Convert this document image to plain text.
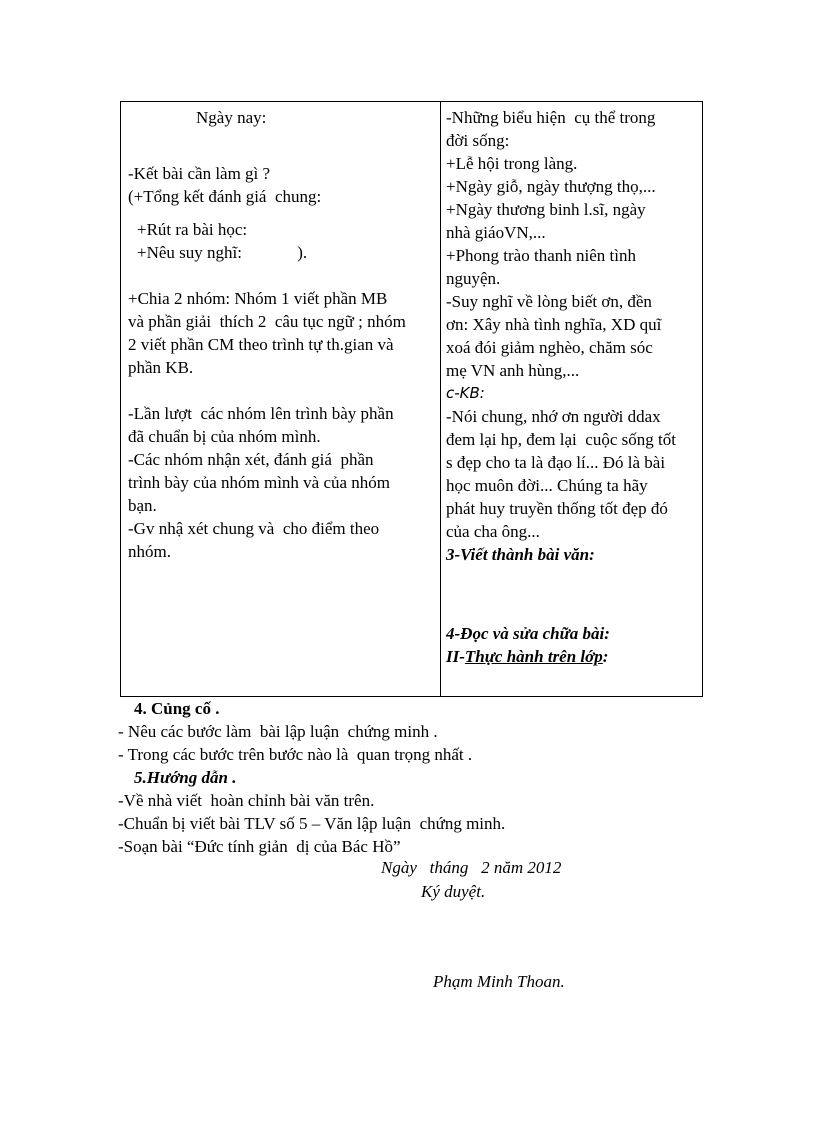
Ngày nay:
-Kết bài cần làm gì ?
(+Tổng kết đánh giá  chung:
+Rút ra bài học:
+Nêu suy nghĩ:             ).
+Chia 2 nhóm: Nhóm 1 viết phần MB
và phần giải  thích 2  câu tục ngữ ; nhóm
2 viết phần CM theo trình tự th.gian và
phần KB.
-Lần lượt  các nhóm lên trình bày phần
đã chuẩn bị của nhóm mình.
-Các nhóm nhận xét, đánh giá  phần
trình bày của nhóm mình và của nhóm
bạn.
-Gv nhậ xét chung và  cho điểm theo
nhóm.
-Những biểu hiện  cụ thể trong
đời sống:
+Lễ hội trong làng.
+Ngày giỗ, ngày thượng thọ,...
+Ngày thương binh l.sĩ, ngày
nhà giáoVN,...
+Phong trào thanh niên tình
nguyện.
-Suy nghĩ về lòng biết ơn, đền
ơn: Xây nhà tình nghĩa, XD quĩ
xoá đói giảm nghèo, chăm sóc
mẹ VN anh hùng,...
c-KB:
-Nói chung, nhớ ơn người ddax
đem lại hp, đem lại  cuộc sống tốt
s đẹp cho ta là đạo lí... Đó là bài
học muôn đời... Chúng ta hãy
phát huy truyền thống tốt đẹp đó
của cha ông...
3-Viết thành bài văn:
4-Đọc và sửa chữa bài:
II-Thực hành trên lớp:
4. Củng cố .
- Nêu các bước làm  bài lập luận  chứng minh .
- Trong các bước trên bước nào là  quan trọng nhất .
5.Hướng dẫn .
-Về nhà viết  hoàn chỉnh bài văn trên.
-Chuẩn bị viết bài TLV số 5 – Văn lập luận  chứng minh.
-Soạn bài “Đức tính giản  dị của Bác Hồ”
Ngày   tháng   2 năm 2012
Ký duyệt.
Phạm Minh Thoan.
